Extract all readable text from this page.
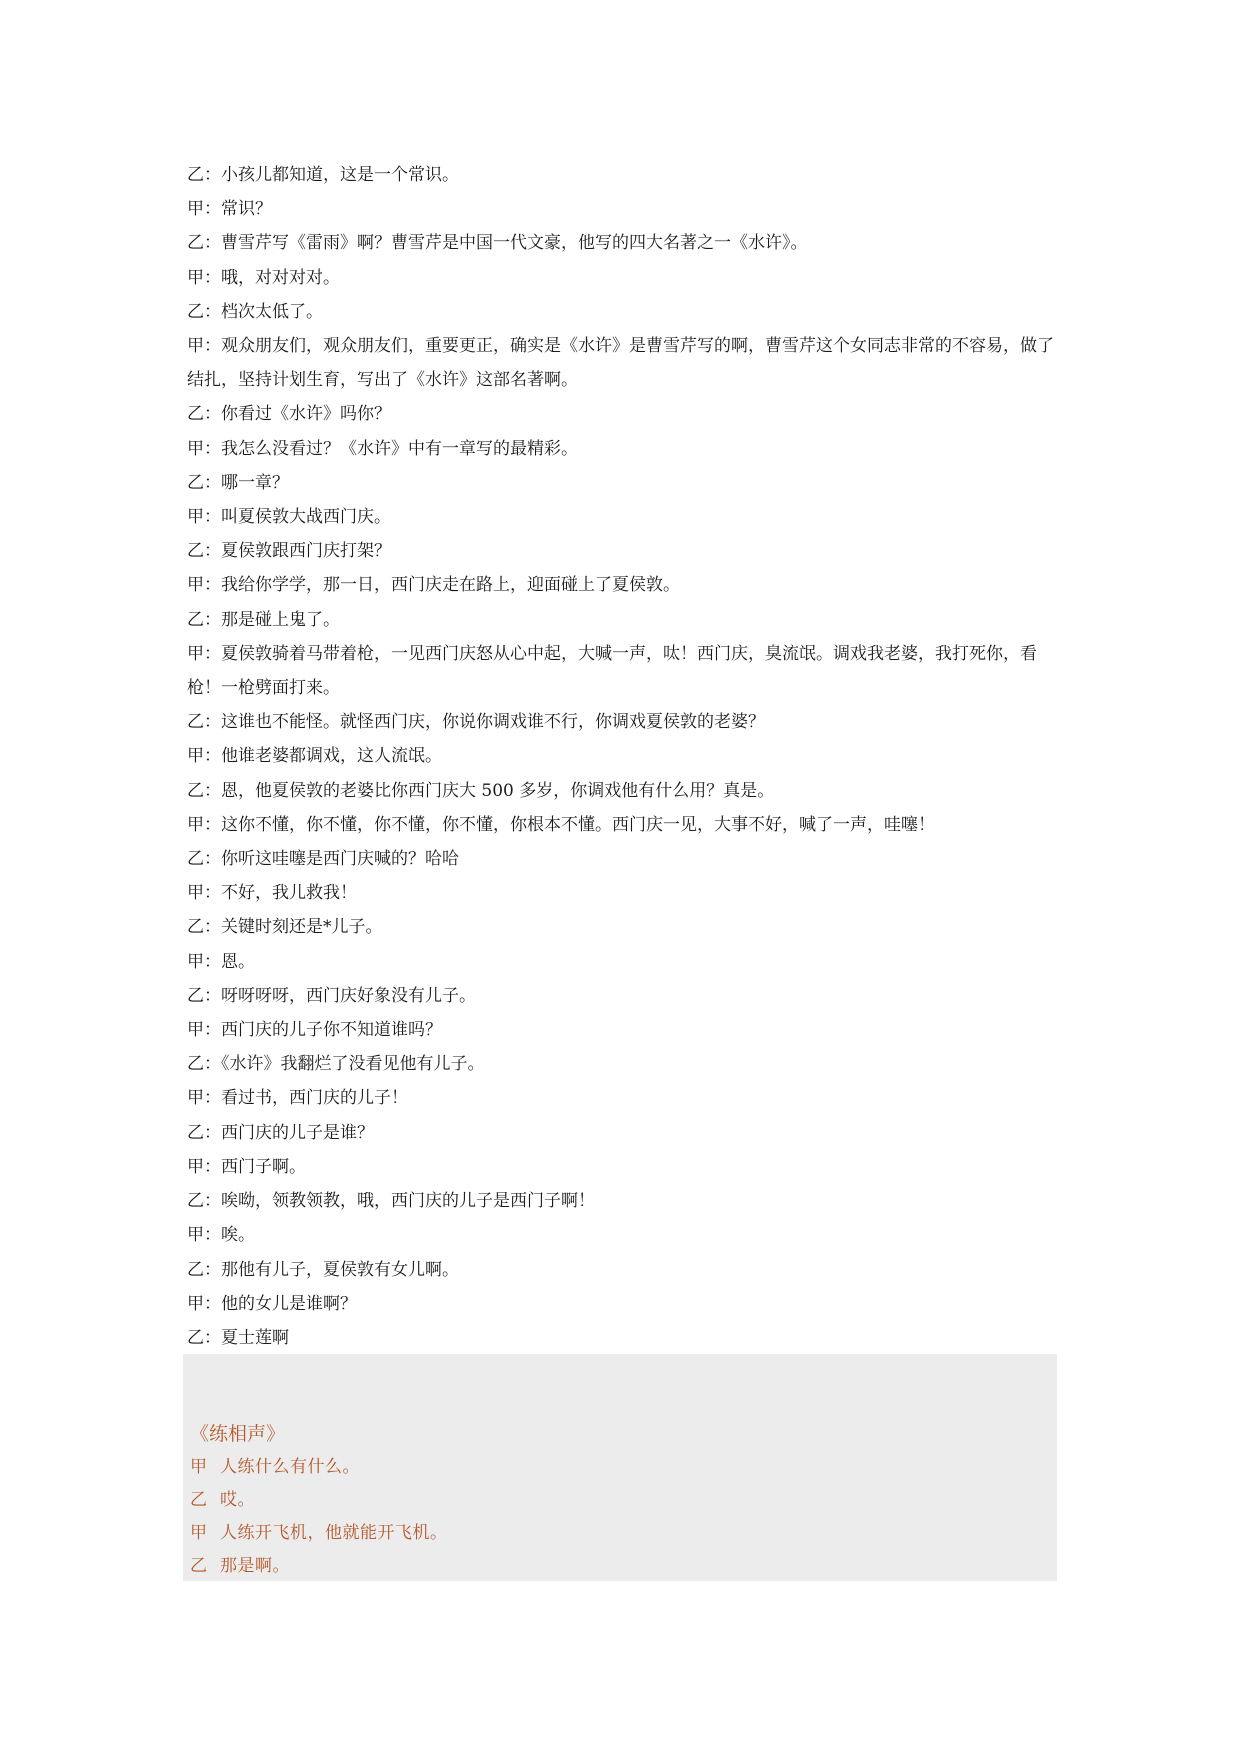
乙：小孩儿都知道，这是一个常识。
甲：常识？
乙：曹雪芹写《雷雨》啊？曹雪芹是中国一代文豪，他写的四大名著之一《水许》。
甲：哦，对对对对。
乙：档次太低了。
甲：观众朋友们，观众朋友们，重要更正，确实是《水许》是曹雪芹写的啊，曹雪芹这个女同志非常的不容易，做了结扎，坚持计划生育，写出了《水许》这部名著啊。
乙：你看过《水许》吗你？
甲：我怎么没看过？《水许》中有一章写的最精彩。
乙：哪一章？
甲：叫夏侯敦大战西门庆。
乙：夏侯敦跟西门庆打架？
甲：我给你学学，那一日，西门庆走在路上，迎面碰上了夏侯敦。
乙：那是碰上鬼了。
甲：夏侯敦骑着马带着枪，一见西门庆怒从心中起，大喊一声，呔！西门庆，臭流氓。调戏我老婆，我打死你，看枪！一枪劈面打来。
乙：这谁也不能怪。就怪西门庆，你说你调戏谁不行，你调戏夏侯敦的老婆？
甲：他谁老婆都调戏，这人流氓。
乙：恩，他夏侯敦的老婆比你西门庆大 500 多岁，你调戏他有什么用？真是。
甲：这你不懂，你不懂，你不懂，你不懂，你根本不懂。西门庆一见，大事不好，喊了一声，哇噻！
乙：你听这哇噻是西门庆喊的？哈哈
甲：不好，我儿救我！
乙：关键时刻还是*儿子。
甲：恩。
乙：呀呀呀呀，西门庆好象没有儿子。
甲：西门庆的儿子你不知道谁吗？
乙：《水许》我翻烂了没看见他有儿子。
甲：看过书，西门庆的儿子！
乙：西门庆的儿子是谁？
甲：西门子啊。
乙：唉呦，领教领教，哦，西门庆的儿子是西门子啊！
甲：唉。
乙：那他有儿子，夏侯敦有女儿啊。
甲：他的女儿是谁啊？
乙：夏士莲啊
《练相声》
甲 人练什么有什么。
乙 哎。
甲 人练开飞机，他就能开飞机。
乙 那是啊。
